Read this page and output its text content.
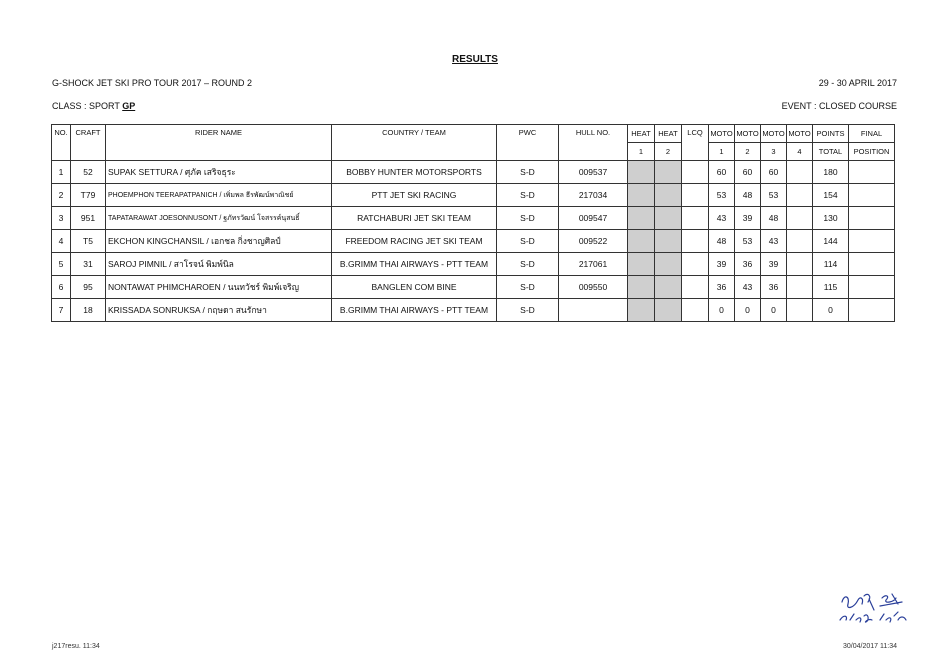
RESULTS
G-SHOCK JET SKI PRO TOUR 2017 – ROUND 2	29 - 30 APRIL 2017
CLASS : SPORT GP	EVENT : CLOSED COURSE
NO.	CRAFT	RIDER NAME	COUNTRY / TEAM	PWC	HULL NO.	HEAT	HEAT	LCQ	MOTO	MOTO	MOTO	MOTO	POINTS	FINAL
						1	2		1	2	3	4	TOTAL	POSITION
1	52	SUPAK SETTURA / ศุภัค เสริจธุระ	BOBBY HUNTER MOTORSPORTS	S-D	009537				60	60	60		180	
2	T79	PHOEMPHON TEERAPATPANICH / เพิ่มพล ธีรพัฒน์พาณิชย์	PTT JET SKI RACING	S-D	217034				53	48	53		154	
3	951	TAPATARAWAT JOESONNUSONT / ฐภัทรวัฒน์ โจสรรค์นุสนธิ์	RATCHABURI JET SKI TEAM	S-D	009547				43	39	48		130	
4	T5	EKCHON KINGCHANSIL / เอกชล กิ่งชาญศิลป์	FREEDOM RACING JET SKI TEAM	S-D	009522				48	53	43		144	
5	31	SAROJ PIMNIL / สาโรจน์ พิมพ์นิล	B.GRIMM THAI AIRWAYS - PTT TEAM	S-D	217061				39	36	39		114	
6	95	NONTAWAT PHIMCHAROEN / นนทวัชร์ พิมพ์เจริญ	BANGLEN COM BINE	S-D	009550				36	43	36		115	
7	18	KRISSADA SONRUKSA / กฤษดา สนรักษา	B.GRIMM THAI AIRWAYS - PTT TEAM	S-D					0	0	0		0	
j217resu. 11:34	30/04/2017 11:34
